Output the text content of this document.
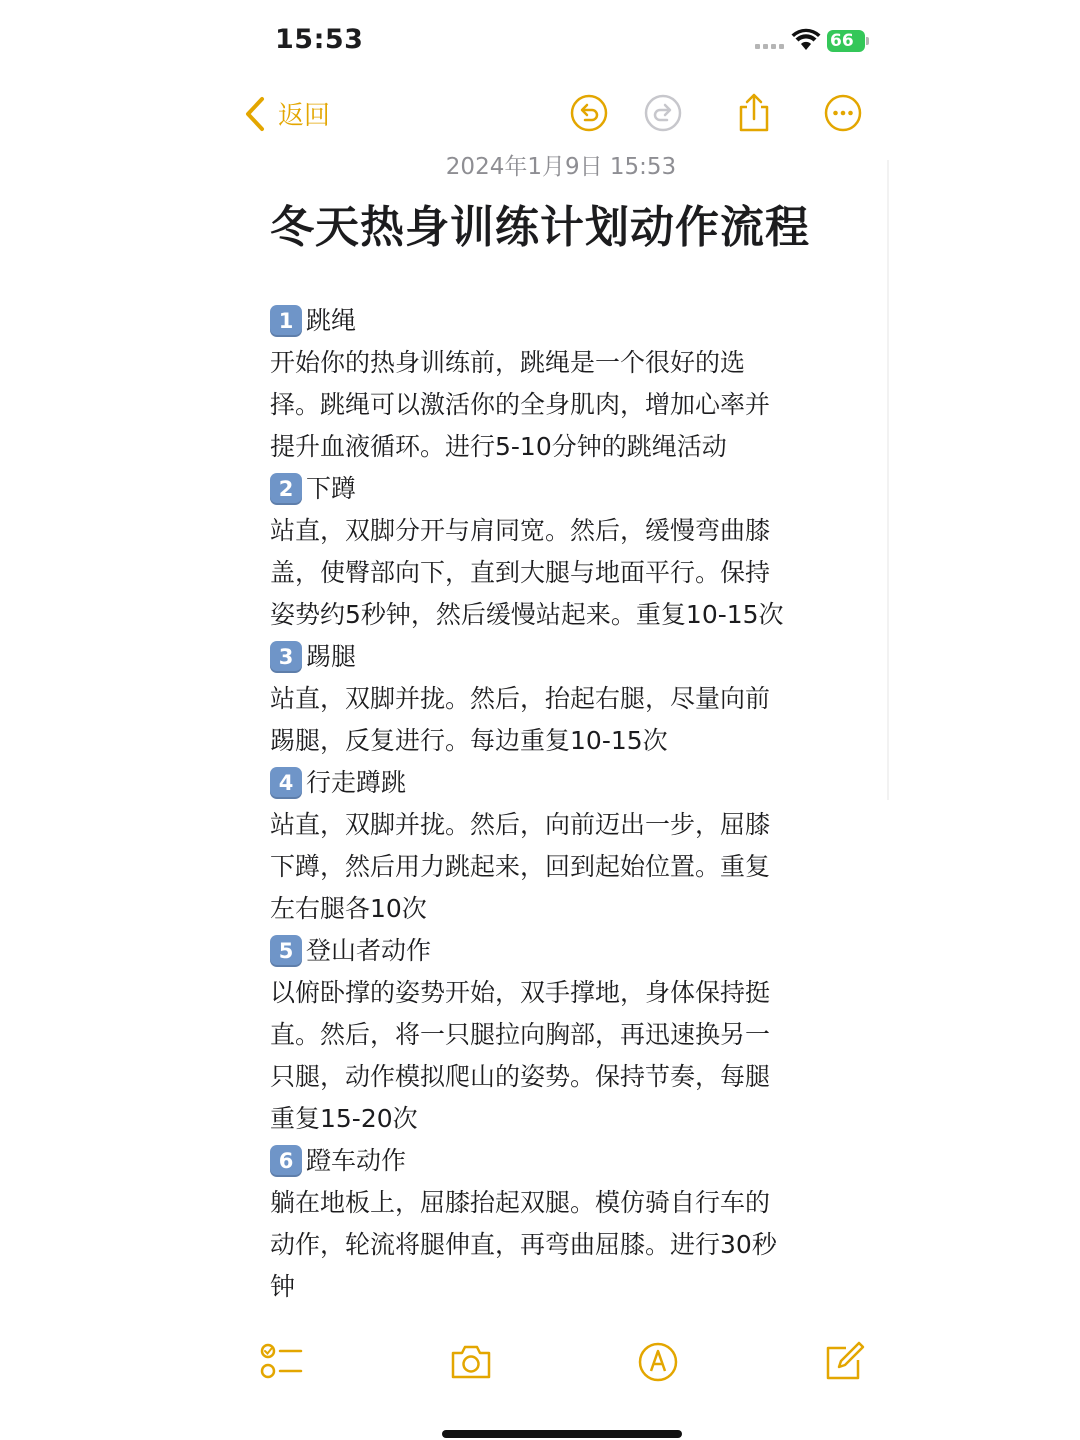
15:53	66
返回
2024年1月9日 15:53
冬天热身训练计划动作流程
1 跳绳
开始你的热身训练前，跳绳是一个很好的选
择。跳绳可以激活你的全身肌肉，增加心率并
提升血液循环。进行5-10分钟的跳绳活动
2 下蹲
站直，双脚分开与肩同宽。然后，缓慢弯曲膝
盖，使臀部向下，直到大腿与地面平行。保持
姿势约5秒钟，然后缓慢站起来。重复10-15次
3 踢腿
站直，双脚并拢。然后，抬起右腿，尽量向前
踢腿，反复进行。每边重复10-15次
4 行走蹲跳
站直，双脚并拢。然后，向前迈出一步，屈膝
下蹲，然后用力跳起来，回到起始位置。重复
左右腿各10次
5 登山者动作
以俯卧撑的姿势开始，双手撑地，身体保持挺
直。然后，将一只腿拉向胸部，再迅速换另一
只腿，动作模拟爬山的姿势。保持节奏，每腿
重复15-20次
6 蹬车动作
躺在地板上，屈膝抬起双腿。模仿骑自行车的
动作，轮流将腿伸直，再弯曲屈膝。进行30秒
钟
